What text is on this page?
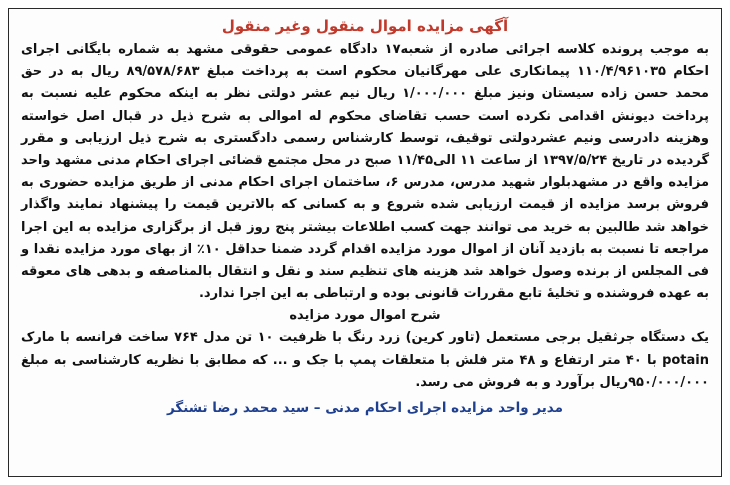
آگهی مزایده اموال منقول وغیر منقول

به موجب پرونده کلاسه اجرائی صادره از شعبه۱۷ دادگاه عمومی حقوقی مشهد به شماره بایگانی اجرای احکام ۱۱۰/۴/۹۶۱۰۳۵ پیمانکاری علی مهرگانیان محکوم است به پرداخت مبلغ ۸۹/۵۷۸/۶۸۳ ریال به در حق محمد حسن زاده سیستان ونیز مبلغ ۱/۰۰۰/۰۰۰ ریال نیم عشر دولتی نظر به اینکه محکوم علیه نسبت به پرداخت دیونش اقدامی نکرده است حسب تقاضای محکوم له اموالی به شرح ذیل در قبال اصل خواسته وهزینه دادرسی ونیم عشردولتی توقیف، توسط کارشناس رسمی دادگستری به شرح ذیل ارزیابی و مقرر گردیده در تاریخ ۱۳۹۷/۵/۲۴ از ساعت ۱۱ الی۱۱/۴۵ صبح در محل مجتمع قضائی اجرای احکام مدنی مشهد واحد مزایده واقع در مشهدبلوار شهید مدرس، مدرس ۶، ساختمان اجرای احکام مدنی از طریق مزایده حضوری به فروش برسد مزایده از قیمت ارزیابی شده شروع و به کسانی که بالاترین قیمت را پیشنهاد نمایند واگذار خواهد شد طالبین به خرید می توانند جهت کسب اطلاعات بیشتر پنج روز قبل از برگزاری مزایده به این اجرا مراجعه تا نسبت به بازدید آنان از اموال مورد مزایده اقدام گردد ضمنا حداقل ۱۰٪ از بهای مورد مزایده نقدا و فی المجلس از برنده وصول خواهد شد هزینه های تنظیم سند و نقل و انتقال بالمناصفه و بدهی های معوقه به عهده فروشنده و تخلیهٔ تابع مقررات قانونی بوده و ارتباطی به این اجرا ندارد.

شرح اموال مورد مزایده

یک دستگاه جرثقیل برجی مستعمل (تاور کرین) زرد رنگ با ظرفیت ۱۰ تن مدل ۷۶۴ ساخت فرانسه با مارک potain با ۴۰ متر ارتفاع و ۴۸ متر فلش با متعلقات پمپ با جک و ... که مطابق با نظریه کارشناسی به مبلغ ۹۵۰/۰۰۰/۰۰۰ریال برآورد و به فروش می رسد.

مدیر واحد مزایده اجرای احکام مدنی – سید محمد رضا تشنگر
